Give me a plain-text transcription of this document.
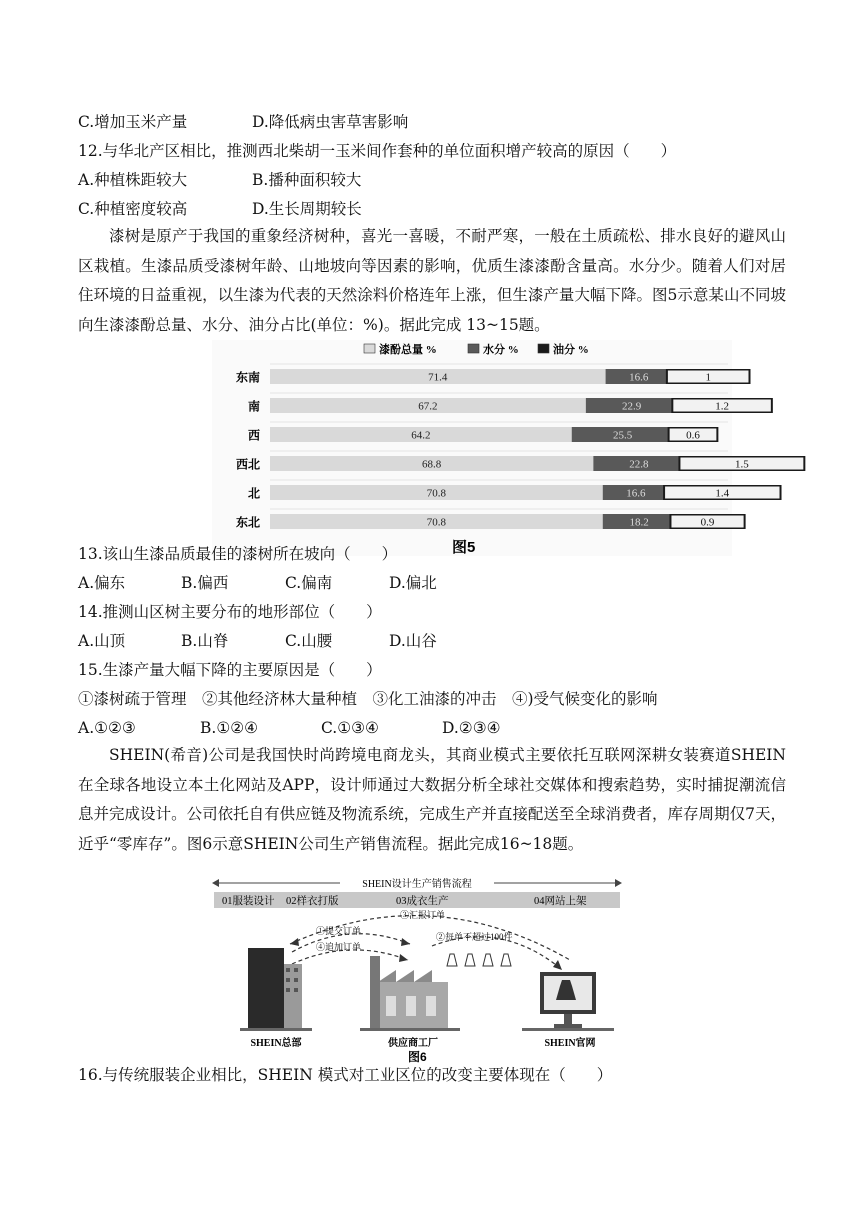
C.增加玉米产量	D.降低病虫害草害影响
12.与华北产区相比，推测西北柴胡一玉米间作套种的单位面积增产较高的原因（　　）
A.种植株距较大	B.播种面积较大
C.种植密度较高	D.生长周期较长
漆树是原产于我国的重象经济树种，喜光一喜暖，不耐严寒，一般在土质疏松、排水良好的避风山区栽植。生漆品质受漆树年龄、山地坡向等因素的影响，优质生漆漆酚含量高。水分少。随着人们对居住环境的日益重视，以生漆为代表的天然涂料价格连年上涨，但生漆产量大幅下降。图5示意某山不同坡向生漆漆酚总量、水分、油分占比(单位：%)。据此完成 13~15题。
漆酚总量 %	水分 %	油分 %
东南	71.4	16.6	1
南	67.2	22.9	1.2
西	64.2	25.5	0.6
西北	68.8	22.8	1.5
北	70.8	16.6	1.4
东北	70.8	18.2	0.9
图5
13.该山生漆品质最佳的漆树所在坡向（　　）
A.偏东	B.偏西	C.偏南	D.偏北
14.推测山区树主要分布的地形部位（　　）
A.山顶	B.山脊	C.山腰	D.山谷
15.生漆产量大幅下降的主要原因是（　　）
①漆树疏于管理　②其他经济林大量种植　③化工油漆的冲击　④)受气候变化的影响
A.①②③	B.①②④	C.①③④	D.②③④
SHEIN(希音)公司是我国快时尚跨境电商龙头，其商业模式主要依托互联网深耕女装赛道SHEIN 在全球各地设立本土化网站及APP，设计师通过大数据分析全球社交媒体和搜索趋势，实时捕捉潮流信息并完成设计。公司依托自有供应链及物流系统，完成生产并直接配送至全球消费者，库存周期仅7天，近乎“零库存”。图6示意SHEIN公司生产销售流程。据此完成16~18题。
SHEIN设计生产销售流程
01服装设计 02样衣打版	03成衣生产	04网站上架
③汇报订单
①提交订单
④追加订单
②每单不超过100件
SHEIN总部	供应商工厂	SHEIN官网
图6
16.与传统服装企业相比，SHEIN 模式对工业区位的改变主要体现在（　　）
